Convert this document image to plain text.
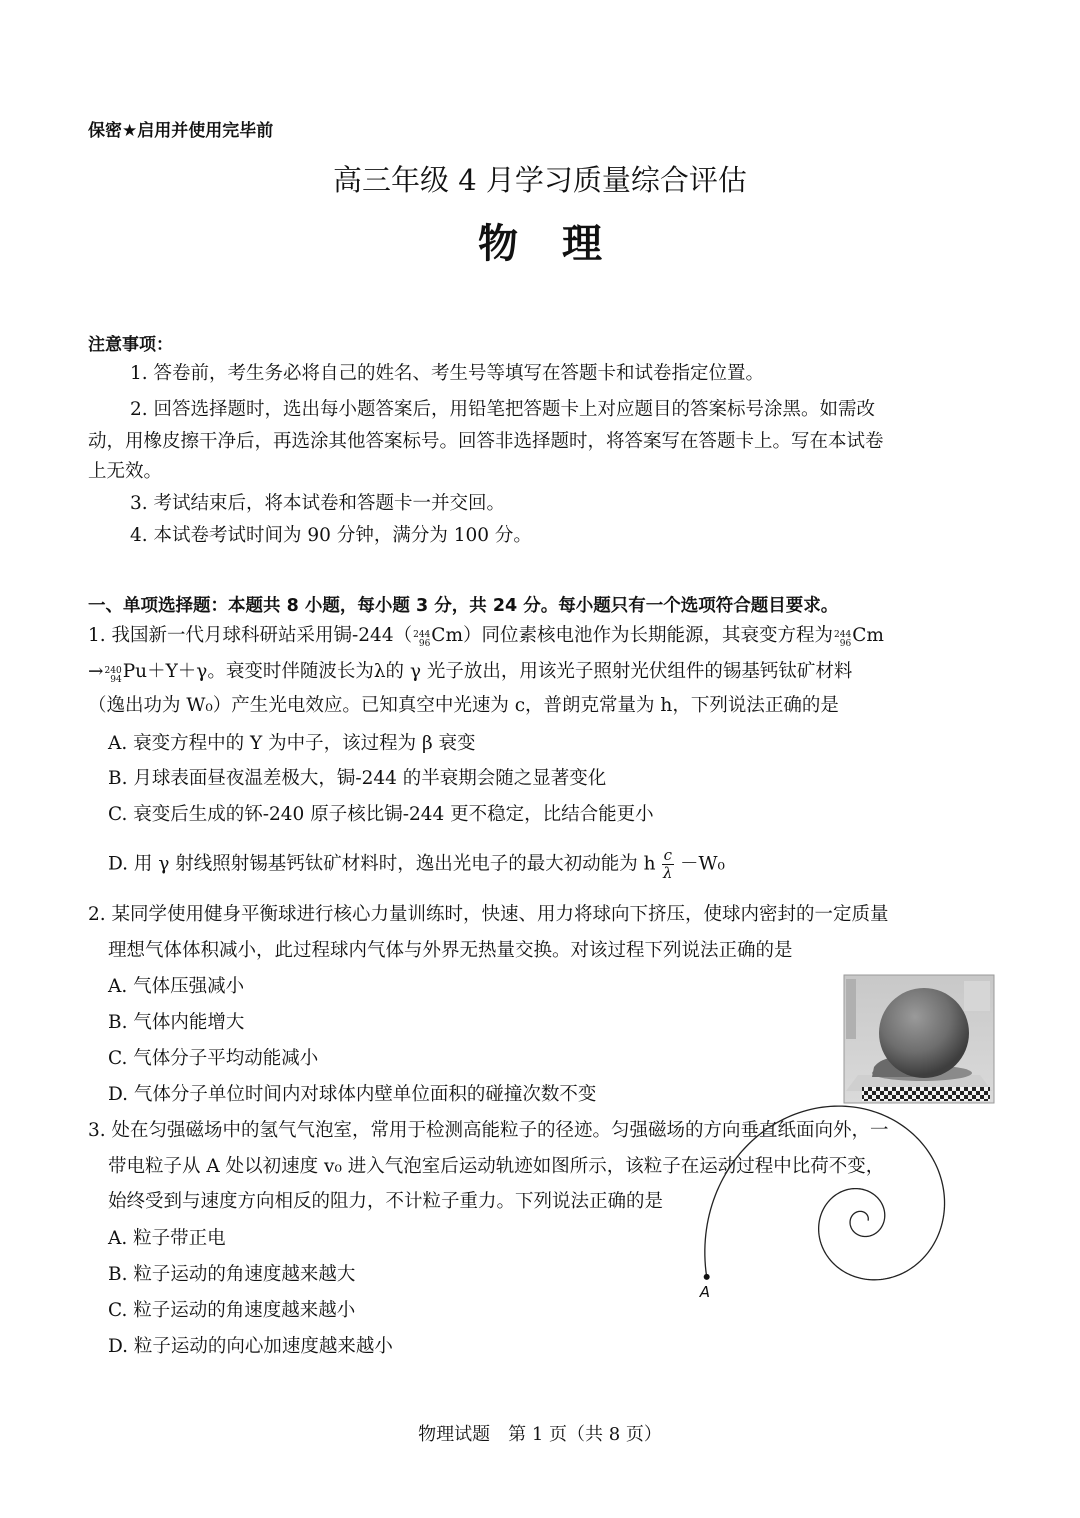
保密★启用并使用完毕前
高三年级 4 月学习质量综合评估
物理
注意事项：
1. 答卷前，考生务必将自己的姓名、考生号等填写在答题卡和试卷指定位置。
2. 回答选择题时，选出每小题答案后，用铅笔把答题卡上对应题目的答案标号涂黑。如需改
动，用橡皮擦干净后，再选涂其他答案标号。回答非选择题时，将答案写在答题卡上。写在本试卷
上无效。
3. 考试结束后，将本试卷和答题卡一并交回。
4. 本试卷考试时间为 90 分钟，满分为 100 分。
一、单项选择题：本题共 8 小题，每小题 3 分，共 24 分。每小题只有一个选项符合题目要求。
1. 我国新一代月球科研站采用锔-244（ 244
96 Cm）同位素核电池作为长期能源，其衰变方程为 244
96 Cm
→ 240
94 Pu＋Y＋γ。衰变时伴随波长为λ的 γ 光子放出，用该光子照射光伏组件的锡基钙钛矿材料
（逸出功为 W₀）产生光电效应。已知真空中光速为 c，普朗克常量为 h，下列说法正确的是
A. 衰变方程中的 Y 为中子，该过程为 β 衰变
B. 月球表面昼夜温差极大，锔-244 的半衰期会随之显著变化
C. 衰变后生成的钚-240 原子核比锔-244 更不稳定，比结合能更小
D. 用 γ 射线照射锡基钙钛矿材料时，逸出光电子的最大初动能为 h $\frac{c}{\lambda} -W_0$
2. 某同学使用健身平衡球进行核心力量训练时，快速、用力将球向下挤压，使球内密封的一定质量
理想气体体积减小，此过程球内气体与外界无热量交换。对该过程下列说法正确的是
A. 气体压强减小
B. 气体内能增大
C. 气体分子平均动能减小
D. 气体分子单位时间内对球体内壁单位面积的碰撞次数不变
3. 处在匀强磁场中的氢气气泡室，常用于检测高能粒子的径迹。匀强磁场的方向垂直纸面向外，一
带电粒子从 A 处以初速度 v₀ 进入气泡室后运动轨迹如图所示，该粒子在运动过程中比荷不变，
始终受到与速度方向相反的阻力，不计粒子重力。下列说法正确的是
A. 粒子带正电
B. 粒子运动的角速度越来越大
C. 粒子运动的角速度越来越小
D. 粒子运动的向心加速度越来越小
A
物理试题　第 1 页（共 8 页）
